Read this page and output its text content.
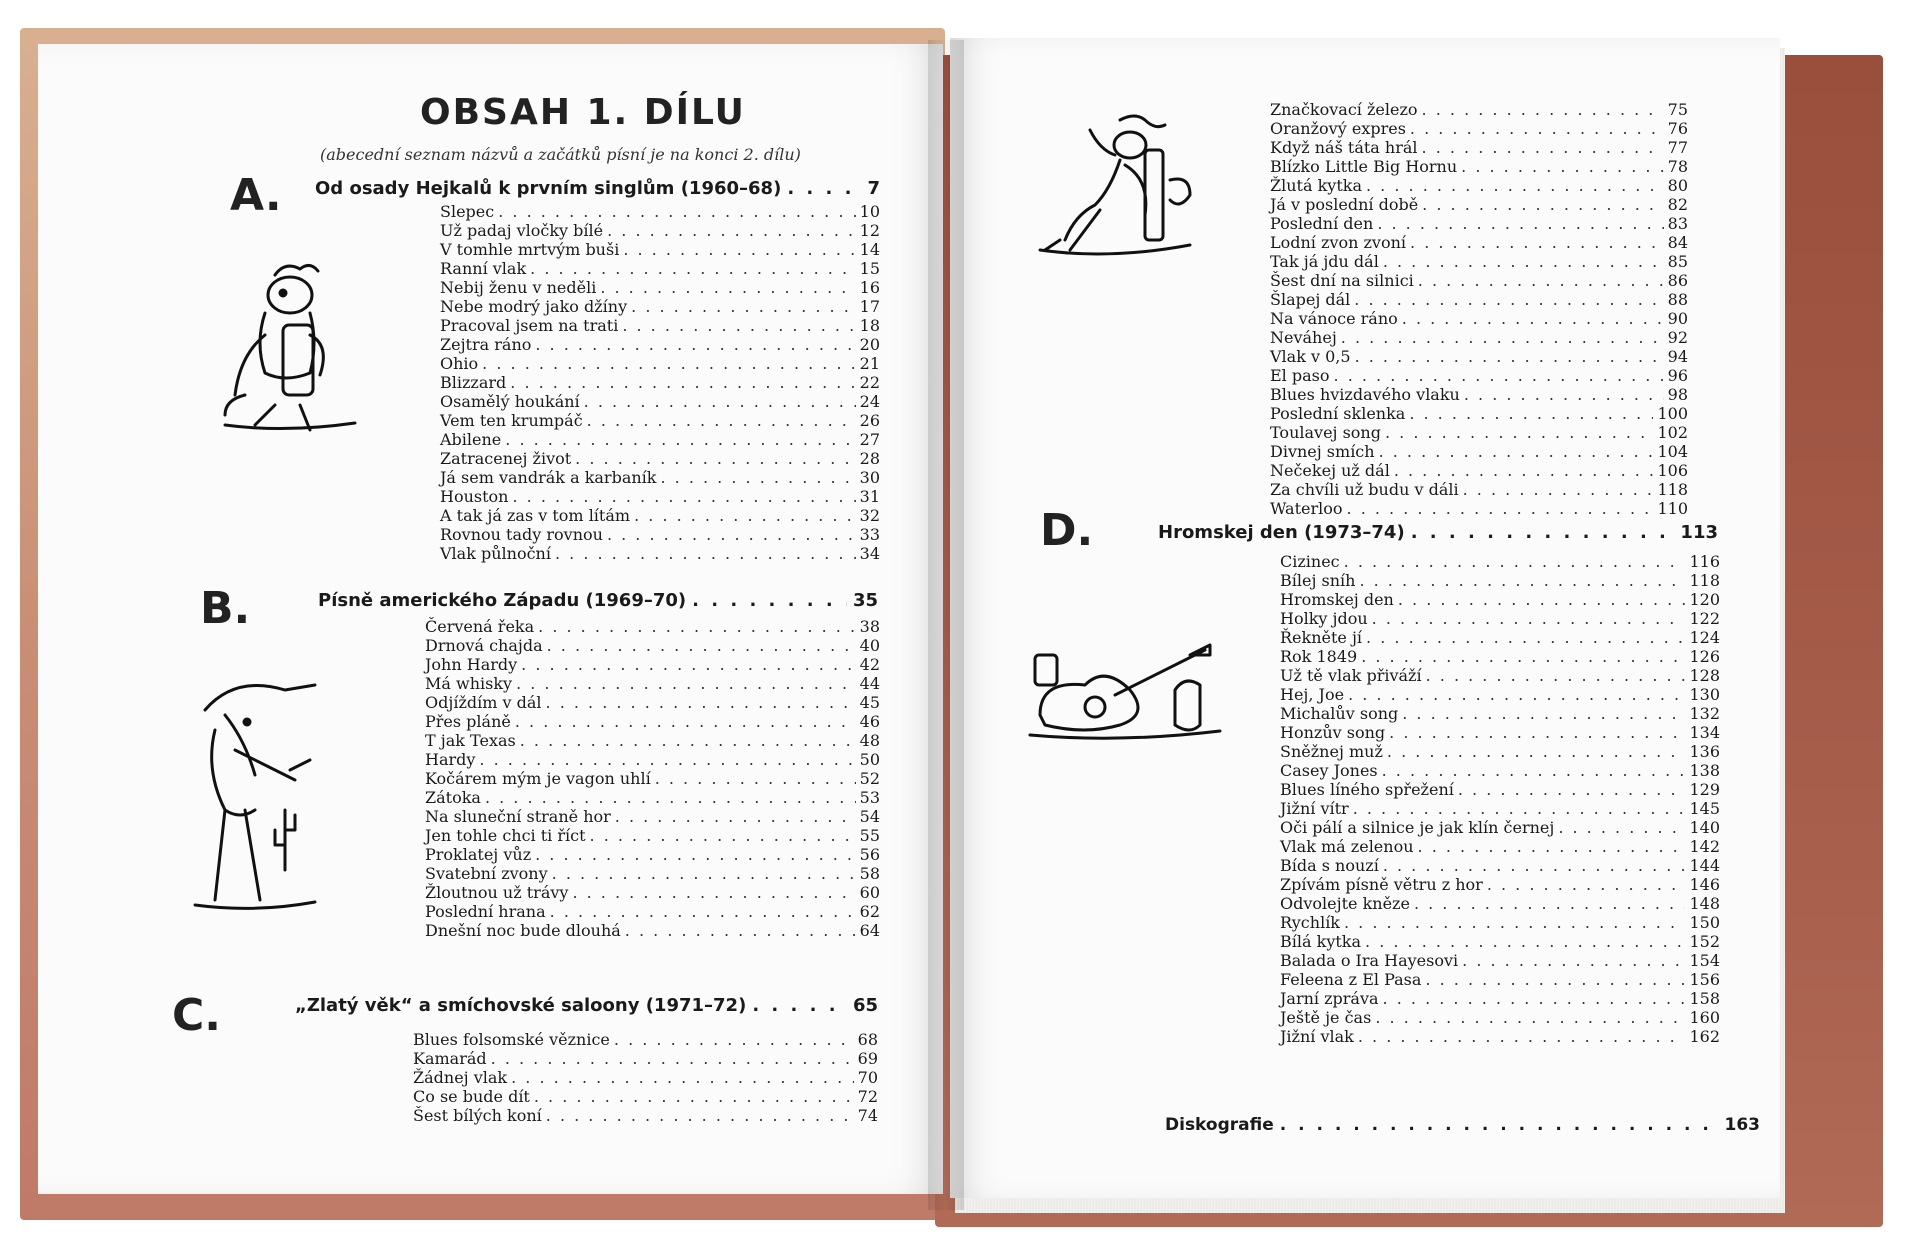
OBSAH 1. DÍLU
(abecední seznam názvů a začátků písní je na konci 2. dílu)
A. Od osady Hejkalů k prvním singlům (1960–68) . . .	7
Slepec . . .	10
Už padaj vločky bílé . . .	12
V tomhle mrtvým buši . . .	14
Ranní vlak . . .	15
Nebij ženu v neděli . . .	16
Nebe modrý jako džíny . . .	17
Pracoval jsem na trati . . .	18
Zejtra ráno . . .	20
Ohio . . .	21
Blizzard . . .	22
Osamělý houkání . . .	24
Vem ten krumpáč . . .	26
Abilene . . .	27
Zatracenej život . . .	28
Já sem vandrák a karbaník . . .	30
Houston . . .	31
A tak já zas v tom lítám . . .	32
Rovnou tady rovnou . . .	33
Vlak půlnoční . . .	34
B.	Písně amerického Západu (1969–70) . . .	35
Červená řeka . . .	38
Drnová chajda . . .	40
John Hardy . . .	42
Má whisky . . .	44
Odjíždím v dál . . .	45
Přes pláně . . .	46
T jak Texas . . .	48
Hardy . . .	50
Kočárem mým je vagon uhlí . . .	52
Zátoka . . .	53
Na sluneční straně hor . . .	54
Jen tohle chci ti říct . . .	55
Proklatej vůz . . .	56
Svatební zvony . . .	58
Žloutnou už trávy . . .	60
Poslední hrana . . .	62
Dnešní noc bude dlouhá . . .	64
C.	„Zlatý věk“ a smíchovské saloony (1971–72) . . .	65
Blues folsomské věznice . . .	68
Kamarád . . .	69
Žádnej vlak . . .	70
Co se bude dít . . .	72
Šest bílých koní . . .	74
Značkovací železo . . .	75
Oranžový expres . . .	76
Když náš táta hrál . . .	77
Blízko Little Big Hornu . . .	78
Žlutá kytka . . .	80
Já v poslední době . . .	82
Poslední den . . .	83
Lodní zvon zvoní . . .	84
Tak já jdu dál . . .	85
Šest dní na silnici . . .	86
Šlapej dál . . .	88
Na vánoce ráno . . .	90
Neváhej . . .	92
Vlak v 0,5 . . .	94
El paso . . .	96
Blues hvizdavého vlaku . . .	98
Poslední sklenka . . .	100
Toulavej song . . .	102
Divnej smích . . .	104
Nečekej už dál . . .	106
Za chvíli už budu v dáli . . .	118
Waterloo . . .	110
D.	Hromskej den (1973–74) . . .	113
Cizinec . . .	116
Bílej sníh . . .	118
Hromskej den . . .	120
Holky jdou . . .	122
Řekněte jí . . .	124
Rok 1849 . . .	126
Už tě vlak přiváží . . .	128
Hej, Joe . . .	130
Michalův song . . .	132
Honzův song . . .	134
Sněžnej muž . . .	136
Casey Jones . . .	138
Blues líného spřežení . . .	129
Jižní vítr . . .	145
Oči pálí a silnice je jak klín černej . . .	140
Vlak má zelenou . . .	142
Bída s nouzí . . .	144
Zpívám písně větru z hor . . .	146
Odvolejte kněze . . .	148
Rychlík . . .	150
Bílá kytka . . .	152
Balada o Ira Hayesovi . . .	154
Feleena z El Pasa . . .	156
Jarní zpráva . . .	158
Ještě je čas . . .	160
Jižní vlak . . .	162
Diskografie . . .	163
